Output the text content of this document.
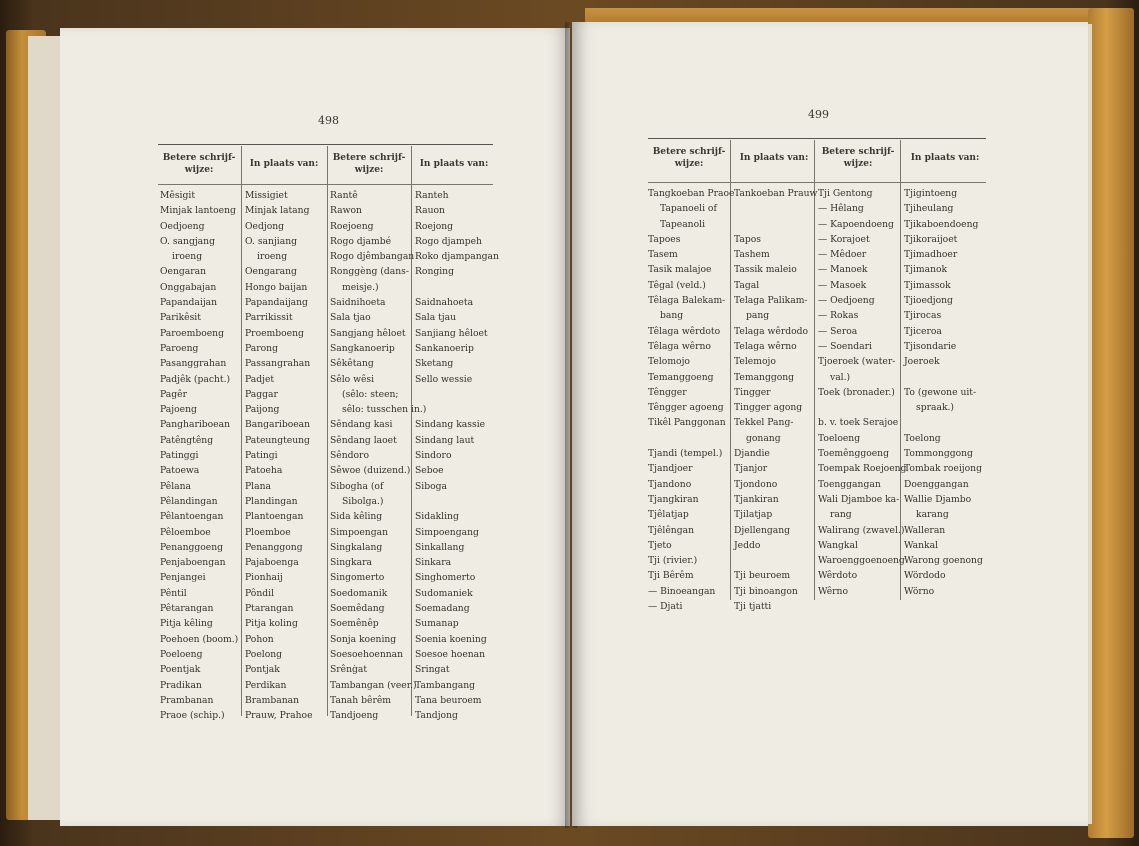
498
Betere schrijf-
wijze:
In plaats van:
Betere schrijf-
wijze:
In plaats van:
Mêsigit
Minjak lantoeng
Oedjoeng
O. sangjang
iroeng
Oengaran
Onggabajan
Papandaijan
Parikêsit
Paroemboeng
Paroeng
Pasanggrahan
Padjêk (pacht.)
Pagêr
Pajoeng
Panghariboean
Patêngtêng
Patinggi
Patoewa
Pêlana
Pêlandingan
Pêlantoengan
Pêloemboe
Penanggoeng
Penjaboengan
Penjangei
Pêntil
Pêtarangan
Pitja kêling
Poehoen (boom.)
Poeloeng
Poentjak
Pradikan
Prambanan
Praoe (schip.)
Missigiet
Minjak latang
Oedjong
O. sanjiang
iroeng
Oengarang
Hongo baijan
Papandaijang
Parrikissit
Proemboeng
Parong
Passangrahan
Padjet
Paggar
Paijong
Bangariboean
Pateungteung
Patingi
Patoeha
Plana
Plandingan
Plantoengan
Ploemboe
Penanggong
Pajaboenga
Pionhaij
Pôndil
Ptarangan
Pitja koling
Pohon
Poelong
Pontjak
Perdikan
Brambanan
Prauw, Prahoe
Rantê
Rawon
Roejoeng
Rogo djambé
Rogo djêmbangan
Ronggèng (dans-
meisje.)
Saidnihoeta
Sala tjao
Sangjang hêloet
Sangkanoerip
Sêkêtang
Sêlo wêsi
(sêlo: steen;
sêlo: tusschen in.)
Sêndang kasi
Sêndang laoet
Sêndoro
Sêwoe (duizend.)
Sibogha (of
Sibolga.)
Sida kêling
Simpoengan
Singkalang
Singkara
Singomerto
Soedomanik
Soemêdang
Soemênêp
Sonja koening
Soesoehoennan
Srênġat
Tambangan (veer.)
Tanah bêrêm
Tandjoeng
Ranteh
Rauon
Roejong
Rogo djampeh
Roko djampangan
Ronging
Saidnahoeta
Sala tjau
Sanjiang hêloet
Sankanoerip
Sketang
Sello wessie
Sindang kassie
Sindang laut
Sindoro
Seboe
Siboga
Sidakling
Simpoengang
Sinkallang
Sinkara
Singhomerto
Sudomaniek
Soemadang
Sumanap
Soenia koening
Soesoe hoenan
Sringat
Tambangang
Tana beuroem
Tandjong
499
Betere schrijf-
wijze:
In plaats van:
Betere schrijf-
wijze:
In plaats van:
Tangkoeban Praoe
Tapanoeli of
Tapeanoli
Tapoes
Tasem
Tasik malajoe
Têgal (veld.)
Têlaga Balekam-
bang
Têlaga wêrdoto
Têlaga wêrno
Telomojo
Temanggoeng
Têngger
Têngger agoeng
Tikêl Panggonan
Tjandi (tempel.)
Tjandjoer
Tjandono
Tjangkiran
Tjêlatjap
Tjêlêngan
Tjeto
Tji (rivier.)
Tji Bêrêm
— Binoeangan
— Djati
Tankoeban Prauw
Tapos
Tashem
Tassik maleio
Tagal
Telaga Palikam-
pang
Telaga wêrdodo
Telaga wêrno
Telemojo
Temanggong
Tingger
Tingger agong
Tekkel Pang-
gonang
Djandie
Tjanjor
Tjondono
Tjankiran
Tjilatjap
Djellengang
Jeddo
Tji beuroem
Tji binoangon
Tji tjatti
Tji Gentong
— Hêlang
— Kapoendoeng
— Korajoet
— Mêdoer
— Manoek
— Masoek
— Oedjoeng
— Rokas
— Seroa
— Soendari
Tjoeroek (water-
val.)
Toek (bronader.)
b. v. toek Serajoe
Toeloeng
Toemênggoeng
Toempak Roejoeng
Toenggangan
Wali Djamboe ka-
rang
Walirang (zwavel.)
Wangkal
Waroenggoenoeng
Wêrdoto
Wêrno
Tjigintoeng
Tjiheulang
Tjikaboendoeng
Tjikoraijoet
Tjimadhoer
Tjimanok
Tjimassok
Tjioedjong
Tjirocas
Tjiceroa
Tjisondarie
Joeroek
To (gewone uit-
spraak.)
Toelong
Tommonggong
Tombak roeijong
Doenggangan
Wallie Djambo
karang
Walleran
Wankal
Warong goenong
Wördodo
Wörno
